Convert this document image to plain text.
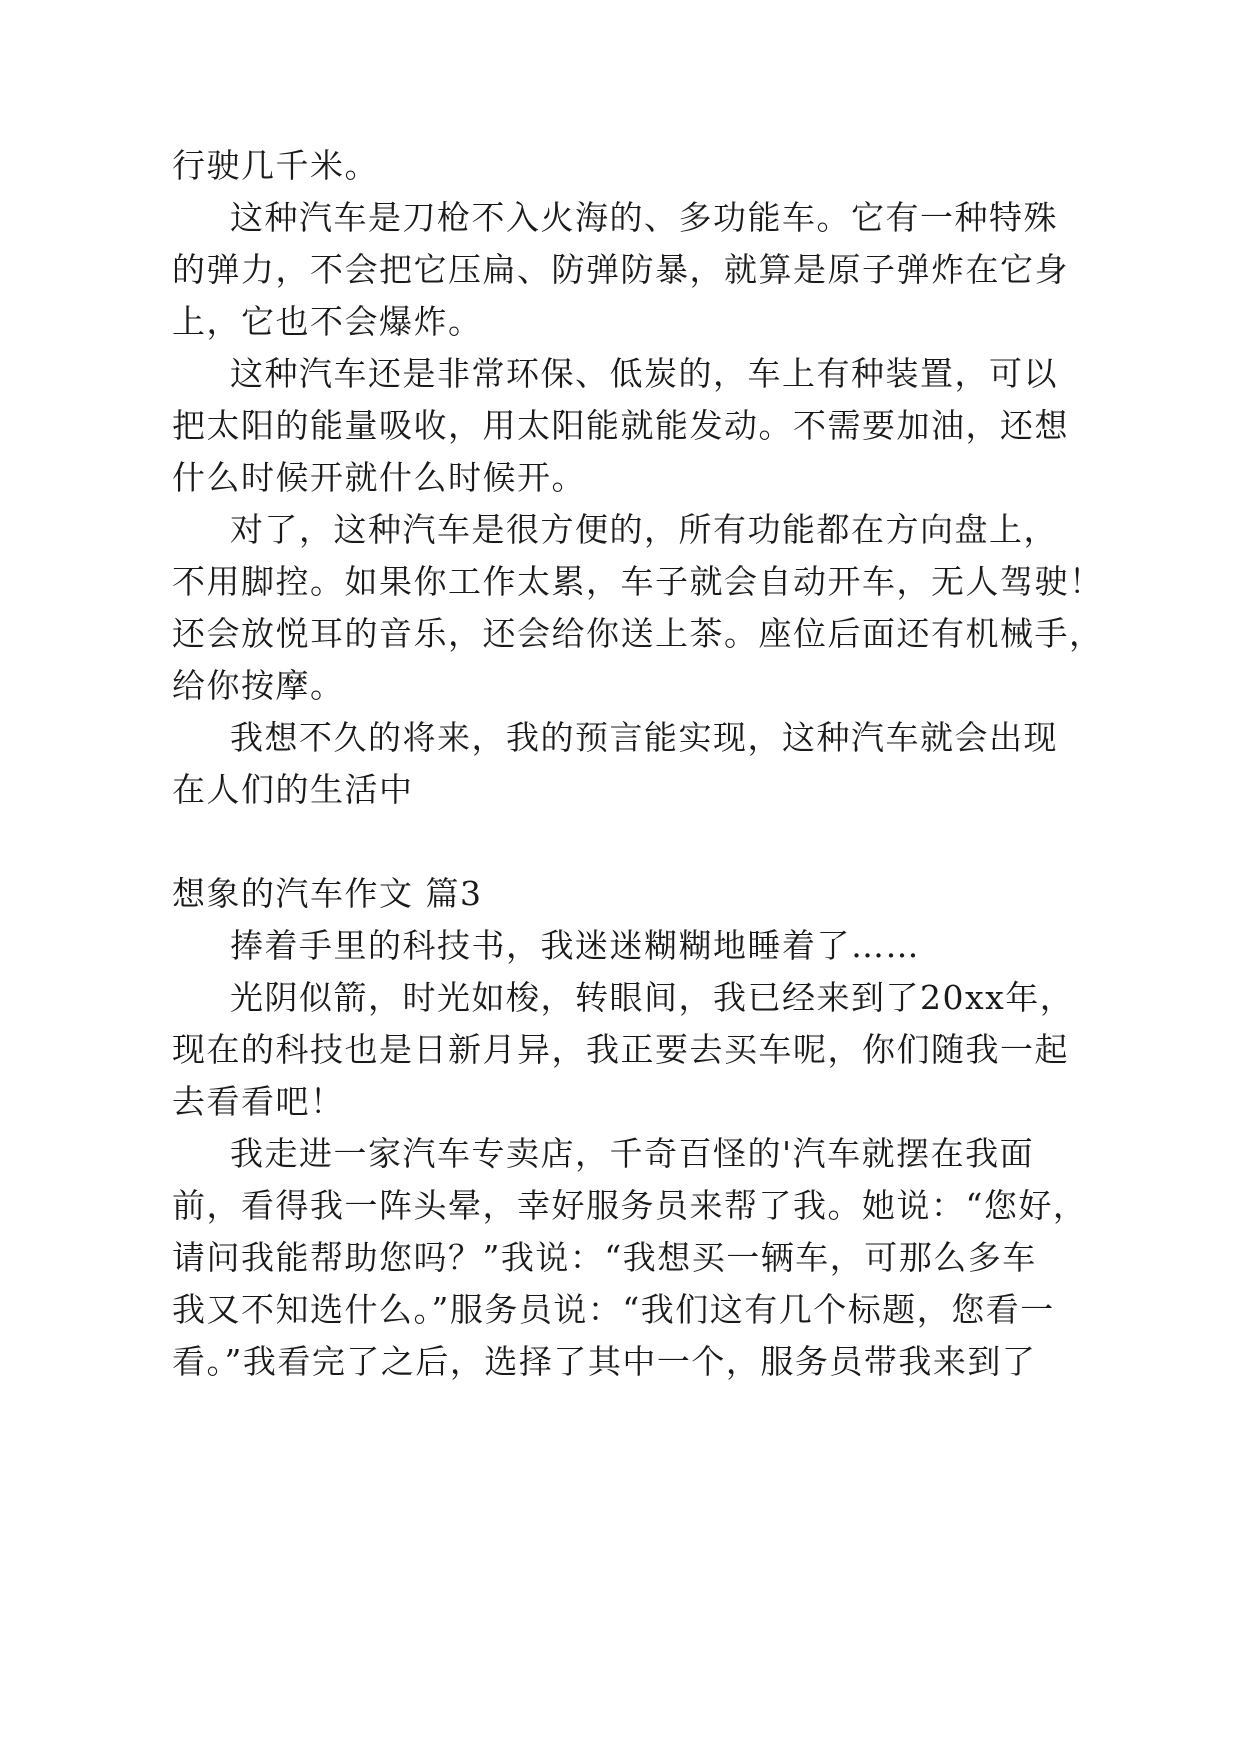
行驶几千米。
这种汽车是刀枪不入火海的、多功能车。它有一种特殊
的弹力，不会把它压扁、防弹防暴，就算是原子弹炸在它身
上，它也不会爆炸。
这种汽车还是非常环保、低炭的，车上有种装置，可以
把太阳的能量吸收，用太阳能就能发动。不需要加油，还想
什么时候开就什么时候开。
对了，这种汽车是很方便的，所有功能都在方向盘上，
不用脚控。如果你工作太累，车子就会自动开车，无人驾驶！
还会放悦耳的音乐，还会给你送上茶。座位后面还有机械手，
给你按摩。
我想不久的将来，我的预言能实现，这种汽车就会出现
在人们的生活中
想象的汽车作文 篇3
捧着手里的科技书，我迷迷糊糊地睡着了……
光阴似箭，时光如梭，转眼间，我已经来到了20xx年，
现在的科技也是日新月异，我正要去买车呢，你们随我一起
去看看吧！
我走进一家汽车专卖店，千奇百怪的'汽车就摆在我面
前，看得我一阵头晕，幸好服务员来帮了我。她说：“您好，
请问我能帮助您吗？”我说：“我想买一辆车，可那么多车
我又不知选什么。”服务员说：“我们这有几个标题，您看一
看。”我看完了之后，选择了其中一个，服务员带我来到了
